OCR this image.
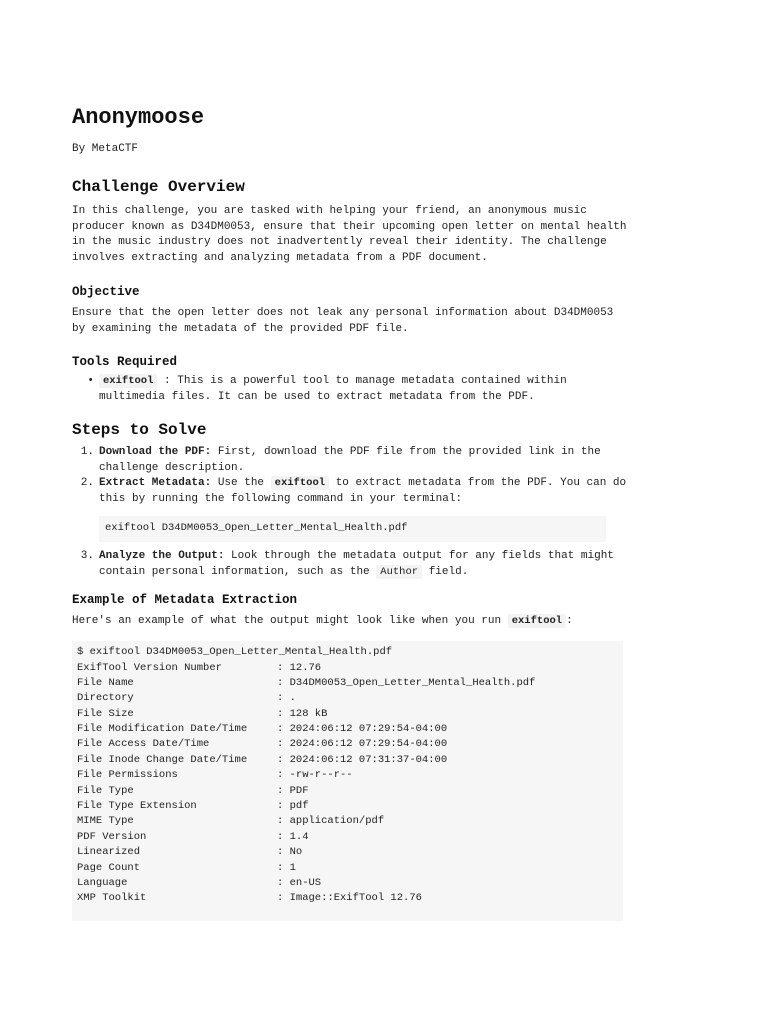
Anonymoose

By MetaCTF

Challenge Overview

In this challenge, you are tasked with helping your friend, an anonymous music producer known as D34DM0053, ensure that their upcoming open letter on mental health in the music industry does not inadvertently reveal their identity. The challenge involves extracting and analyzing metadata from a PDF document.

Objective

Ensure that the open letter does not leak any personal information about D34DM0053 by examining the metadata of the provided PDF file.

Tools Required
• exiftool : This is a powerful tool to manage metadata contained within multimedia files. It can be used to extract metadata from the PDF.
Steps to Solve
1. Download the PDF: First, download the PDF file from the provided link in the challenge description.
2. Extract Metadata: Use the exiftool to extract metadata from the PDF. You can do this by running the following command in your terminal:
exiftool D34DM0053_Open_Letter_Mental_Health.pdf
3. Analyze the Output: Look through the metadata output for any fields that might contain personal information, such as the Author field.
Example of Metadata Extraction

Here's an example of what the output might look like when you run exiftool :

$ exiftool D34DM0053_Open_Letter_Mental_Health.pdf
ExifTool Version Number	: 12.76
File Name	: D34DM0053_Open_Letter_Mental_Health.pdf
Directory	: .
File Size	: 128 kB
File Modification Date/Time	: 2024:06:12 07:29:54-04:00
File Access Date/Time	: 2024:06:12 07:29:54-04:00
File Inode Change Date/Time	: 2024:06:12 07:31:37-04:00
File Permissions	: -rw-r--r--
File Type	: PDF
File Type Extension	: pdf
MIME Type	: application/pdf
PDF Version	: 1.4
Linearized	: No
Page Count	: 1
Language	: en-US
XMP Toolkit	: Image::ExifTool 12.76
